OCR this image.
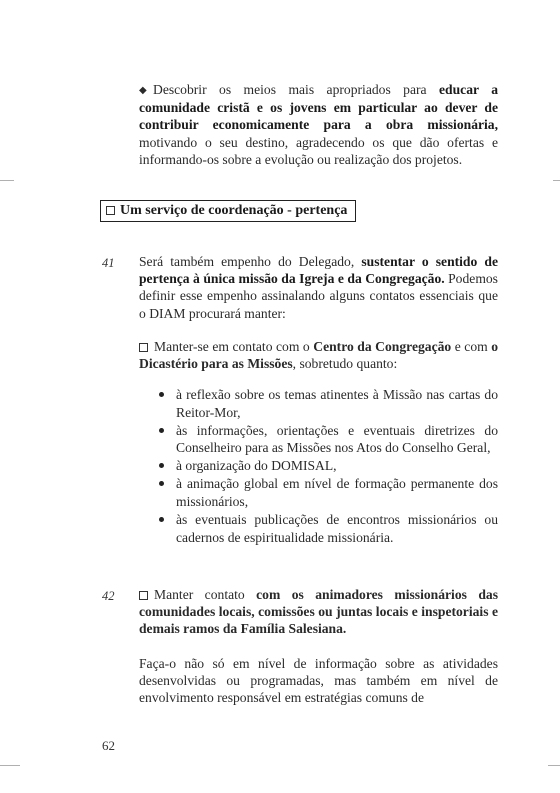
◆ Descobrir os meios mais apropriados para educar a comunidade cristã e os jovens em particular ao dever de contribuir economicamente para a obra missionária, motivando o seu destino, agradecendo os que dão ofertas e informando-os sobre a evolução ou realização dos projetos.
Um serviço de coordenação - pertença
41 Será também empenho do Delegado, sustentar o sentido de pertença à única missão da Igreja e da Congregação. Podemos definir esse empenho assinalando alguns contatos essenciais que o DIAM procurará manter:
Manter-se em contato com o Centro da Congregação e com o Dicastério para as Missões, sobretudo quanto:
à reflexão sobre os temas atinentes à Missão nas cartas do Reitor-Mor,
às informações, orientações e eventuais diretrizes do Conselheiro para as Missões nos Atos do Conselho Geral,
à organização do DOMISAL,
à animação global em nível de formação permanente dos missionários,
às eventuais publicações de encontros missionários ou cadernos de espiritualidade missionária.
42	Manter contato com os animadores missionários das comunidades locais, comissões ou juntas locais e inspetoriais e demais ramos da Família Salesiana.
Faça-o não só em nível de informação sobre as atividades desenvolvidas ou programadas, mas também em nível de envolvimento responsável em estratégias comuns de
62
